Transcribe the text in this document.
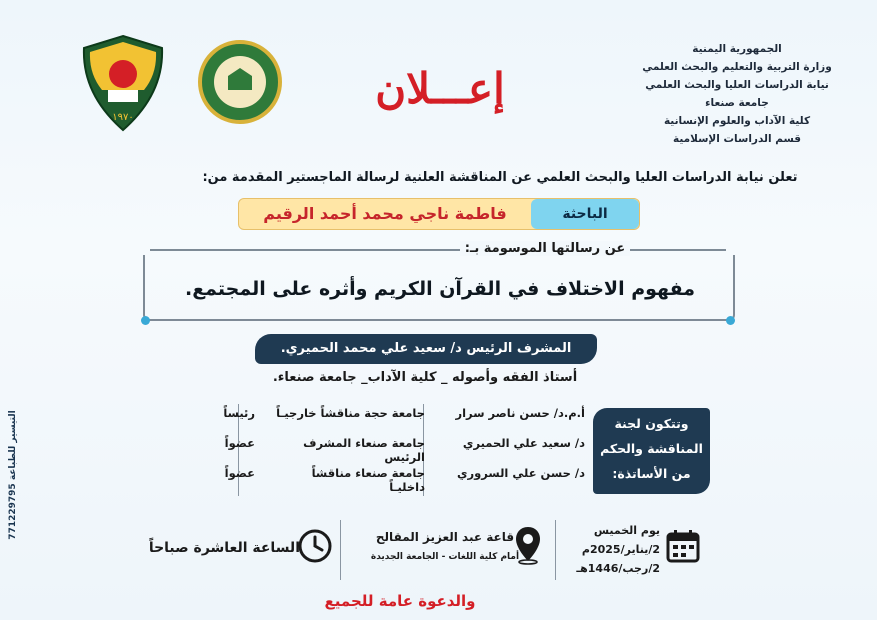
الجمهورية اليمنية
وزارة التربية والتعليم والبحث العلمي
نيابة الدراسات العليا والبحث العلمي
جامعة صنعاء
كلية الآداب والعلوم الإنسانية
قسم الدراسات الإسلامية
إعـــلان
١٩٧٠
تعلن نيابة الدراسات العليا والبحث العلمي عن المناقشة العلنية لرسالة الماجستير المقدمة من:
الباحثة
فاطمة ناجي محمد أحمد الرقيم
عن رسالتها الموسومة بـ:
مفهوم الاختلاف في القرآن الكريم وأثره على المجتمع.
المشرف الرئيس د/ سعيد علي محمد الحميري.
أستاذ الفقه وأصوله _ كلية الآداب_ جامعة صنعاء.
وتتكون لجنة
المناقشة والحكم
من الأساتذة:
أ.م.د/ حسن ناصر سرار
جامعة حجة مناقشاً خارجيـاً
رئيساً
د/ سعيد علي الحميري
جامعة صنعاء المشرف الرئيس
عضواً
د/ حسن علي السروري
جامعة صنعاء مناقشاً داخليـاً
عضواً
يوم الخميس
2/يناير/2025م
2/رجب/1446هـ
قاعة عبد العزيز المقالح
أمام كلية اللغات - الجامعة الجديدة
الساعة العاشرة صباحاً
والدعوة عامة للجميع
التيسير للطباعة 771229795
